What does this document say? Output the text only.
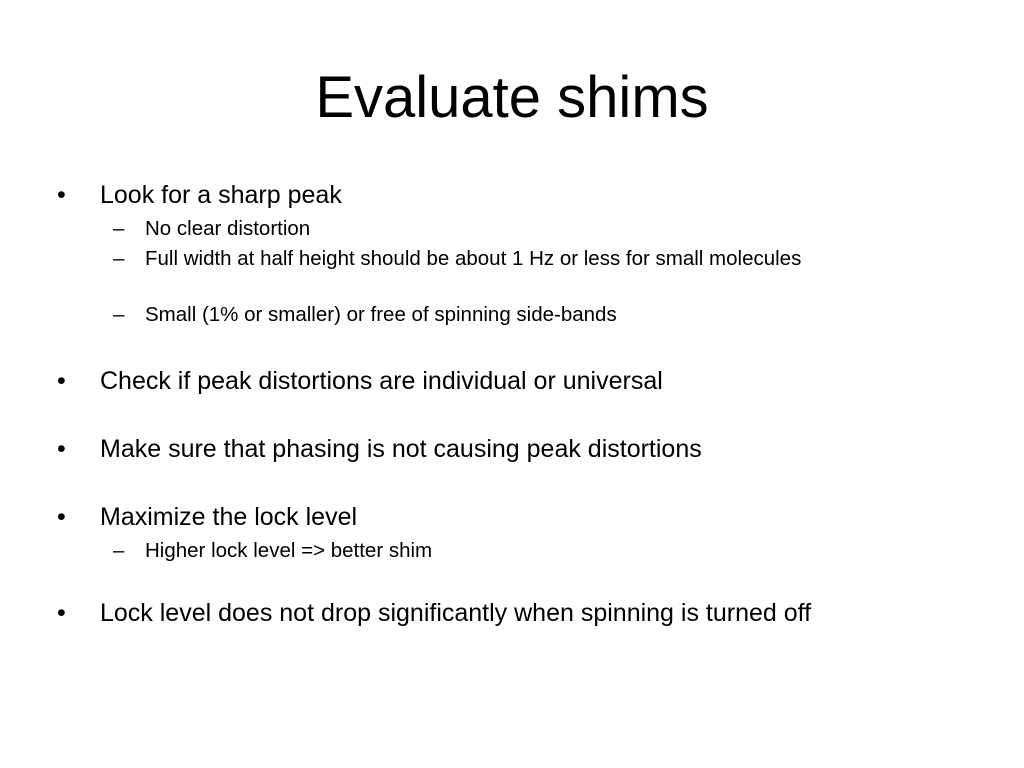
Evaluate shims
• Look for a sharp peak
– No clear distortion
– Full width at half height should be about 1 Hz or less for small molecules
– Small (1% or smaller) or free of spinning side-bands
• Check if peak distortions are individual or universal
• Make sure that phasing is not causing peak distortions
• Maximize the lock level
– Higher lock level => better shim
• Lock level does not drop significantly when spinning is turned off
